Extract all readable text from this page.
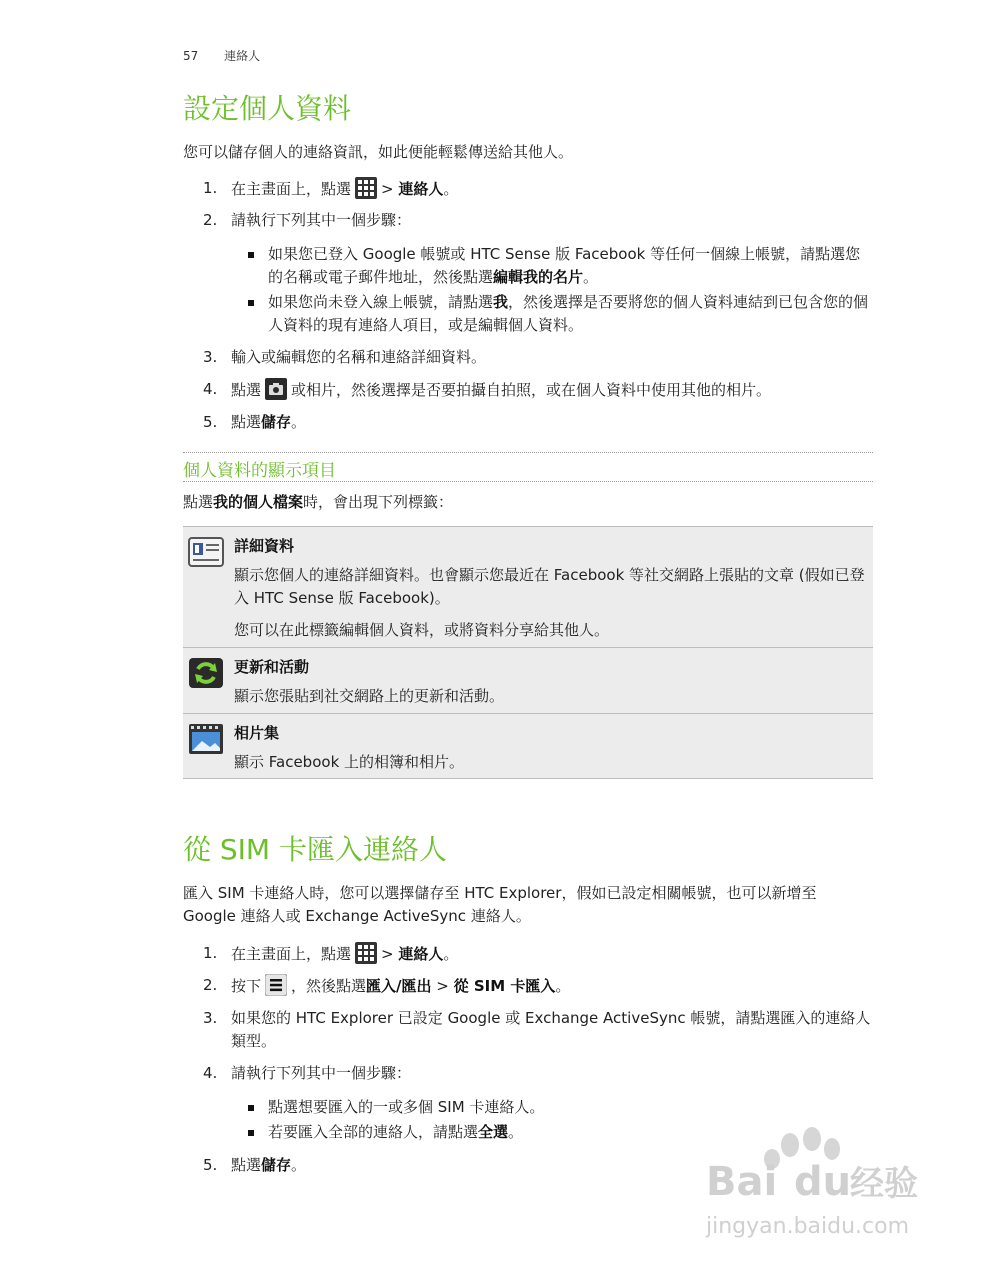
57 連絡人
設定個人資料

您可以儲存個人的連絡資訊，如此便能輕鬆傳送給其他人。

1. 在主畫面上，點選 > 連絡人。
2. 請執行下列其中一個步驟：
如果您已登入 Google 帳號或 HTC Sense 版 Facebook 等任何一個線上帳號，請點選您的名稱或電子郵件地址，然後點選編輯我的名片。
如果您尚未登入線上帳號，請點選我，然後選擇是否要將您的個人資料連結到已包含您的個人資料的現有連絡人項目，或是編輯個人資料。
3. 輸入或編輯您的名稱和連絡詳細資料。
4. 點選 或相片，然後選擇是否要拍攝自拍照，或在個人資料中使用其他的相片。
5. 點選儲存。
個人資料的顯示項目

點選我的個人檔案時，會出現下列標籤：

詳細資料
顯示您個人的連絡詳細資料。也會顯示您最近在 Facebook 等社交網路上張貼的文章 (假如已登入 HTC Sense 版 Facebook)。
您可以在此標籤編輯個人資料，或將資料分享給其他人。
更新和活動
顯示您張貼到社交網路上的更新和活動。
相片集
顯示 Facebook 上的相簿和相片。
從 SIM 卡匯入連絡人

匯入 SIM 卡連絡人時，您可以選擇儲存至 HTC Explorer，假如已設定相關帳號，也可以新增至 Google 連絡人或 Exchange ActiveSync 連絡人。

1. 在主畫面上，點選 > 連絡人。
2. 按下 ，然後點選匯入/匯出 > 從 SIM 卡匯入。
3. 如果您的 HTC Explorer 已設定 Google 或 Exchange ActiveSync 帳號，請點選匯入的連絡人類型。
4. 請執行下列其中一個步驟：
點選想要匯入的一或多個 SIM 卡連絡人。
若要匯入全部的連絡人，請點選全選。
5. 點選儲存。	Bai du
经验
jingyan.baidu.com
